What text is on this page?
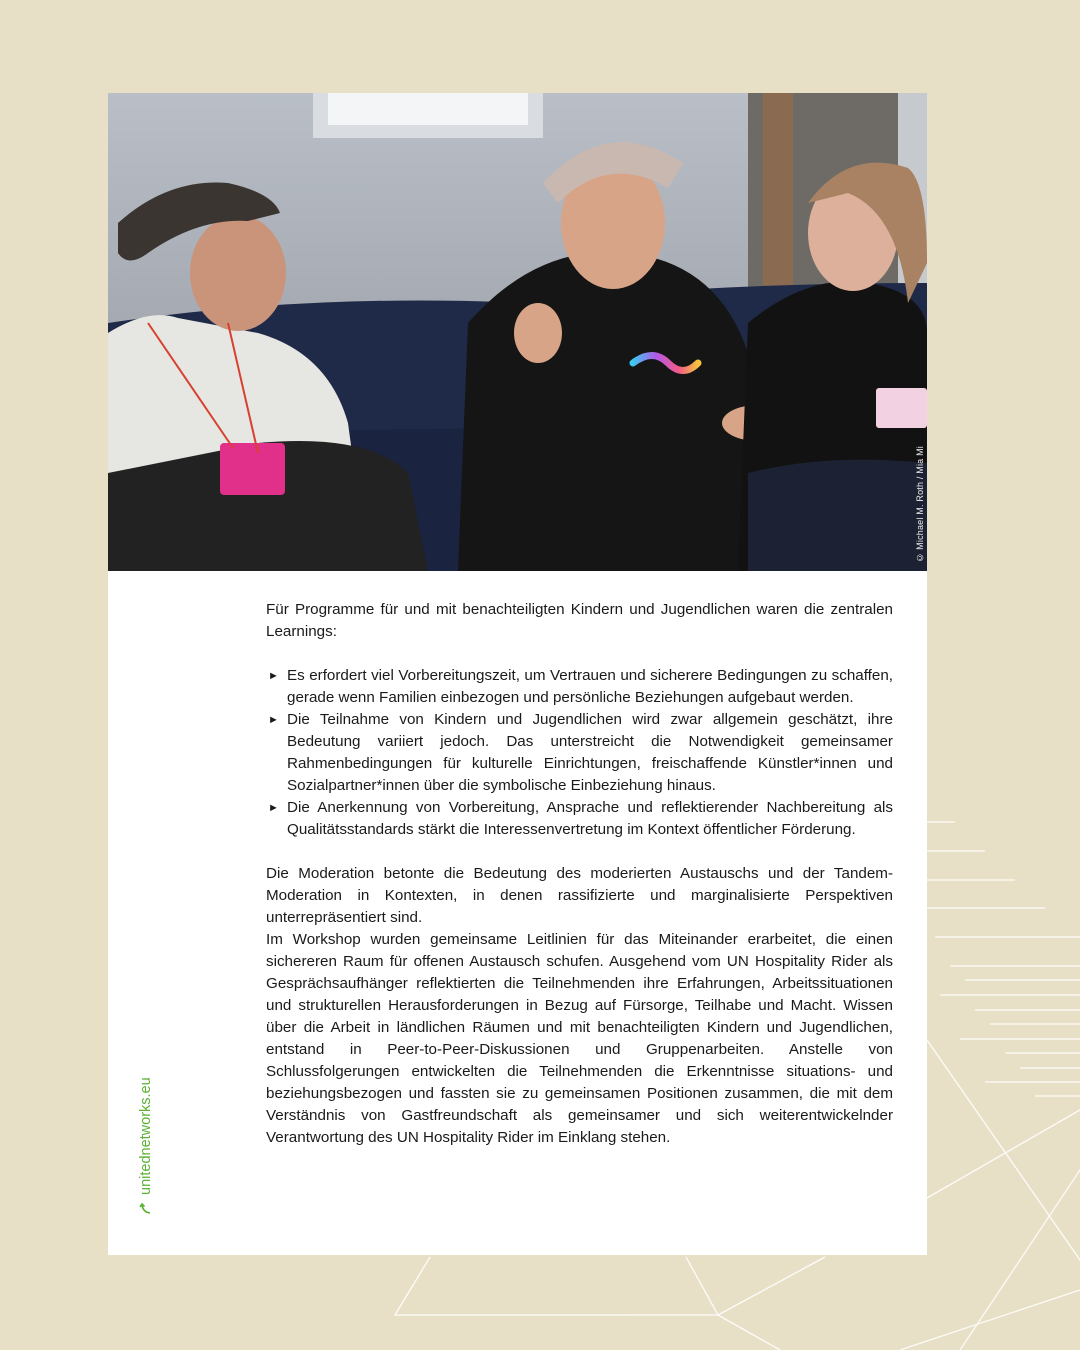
© Michael M. Roth / Mia Mi

Für Programme für und mit benachteiligten Kindern und Jugendlichen waren die zentralen Learnings:

► Es erfordert viel Vorbereitungszeit, um Vertrauen und sicherere Bedingungen zu schaffen, gerade wenn Familien einbezogen und persönliche Beziehungen aufgebaut werden.
► Die Teilnahme von Kindern und Jugendlichen wird zwar allgemein geschätzt, ihre Bedeutung variiert jedoch. Das unterstreicht die Notwendigkeit gemeinsamer Rahmenbedingungen für kulturelle Einrichtungen, freischaffende Künstler*innen und Sozialpartner*innen über die symbolische Einbeziehung hinaus.
► Die Anerkennung von Vorbereitung, Ansprache und reflektierender Nachbereitung als Qualitätsstandards stärkt die Interessenvertretung im Kontext öffentlicher Förderung.

Die Moderation betonte die Bedeutung des moderierten Austauschs und der Tandem-Moderation in Kontexten, in denen rassifizierte und marginalisierte Perspektiven unterrepräsentiert sind.

Im Workshop wurden gemeinsame Leitlinien für das Miteinander erarbeitet, die einen sichereren Raum für offenen Austausch schufen. Ausgehend vom UN Hospitality Rider als Gesprächsaufhänger reflektierten die Teilnehmenden ihre Erfahrungen, Arbeitssituationen und strukturellen Herausforderungen in Bezug auf Fürsorge, Teilhabe und Macht. Wissen über die Arbeit in ländlichen Räumen und mit benachteiligten Kindern und Jugendlichen, entstand in Peer-to-Peer-Diskussionen und Gruppenarbeiten. Anstelle von Schlussfolgerungen entwickelten die Teilnehmenden die Erkenntnisse situations- und beziehungsbezogen und fassten sie zu gemeinsamen Positionen zusammen, die mit dem Verständnis von Gastfreundschaft als gemeinsamer und sich weiterentwickelnder Verantwortung des UN Hospitality Rider im Einklang stehen.

unitednetworks.eu
